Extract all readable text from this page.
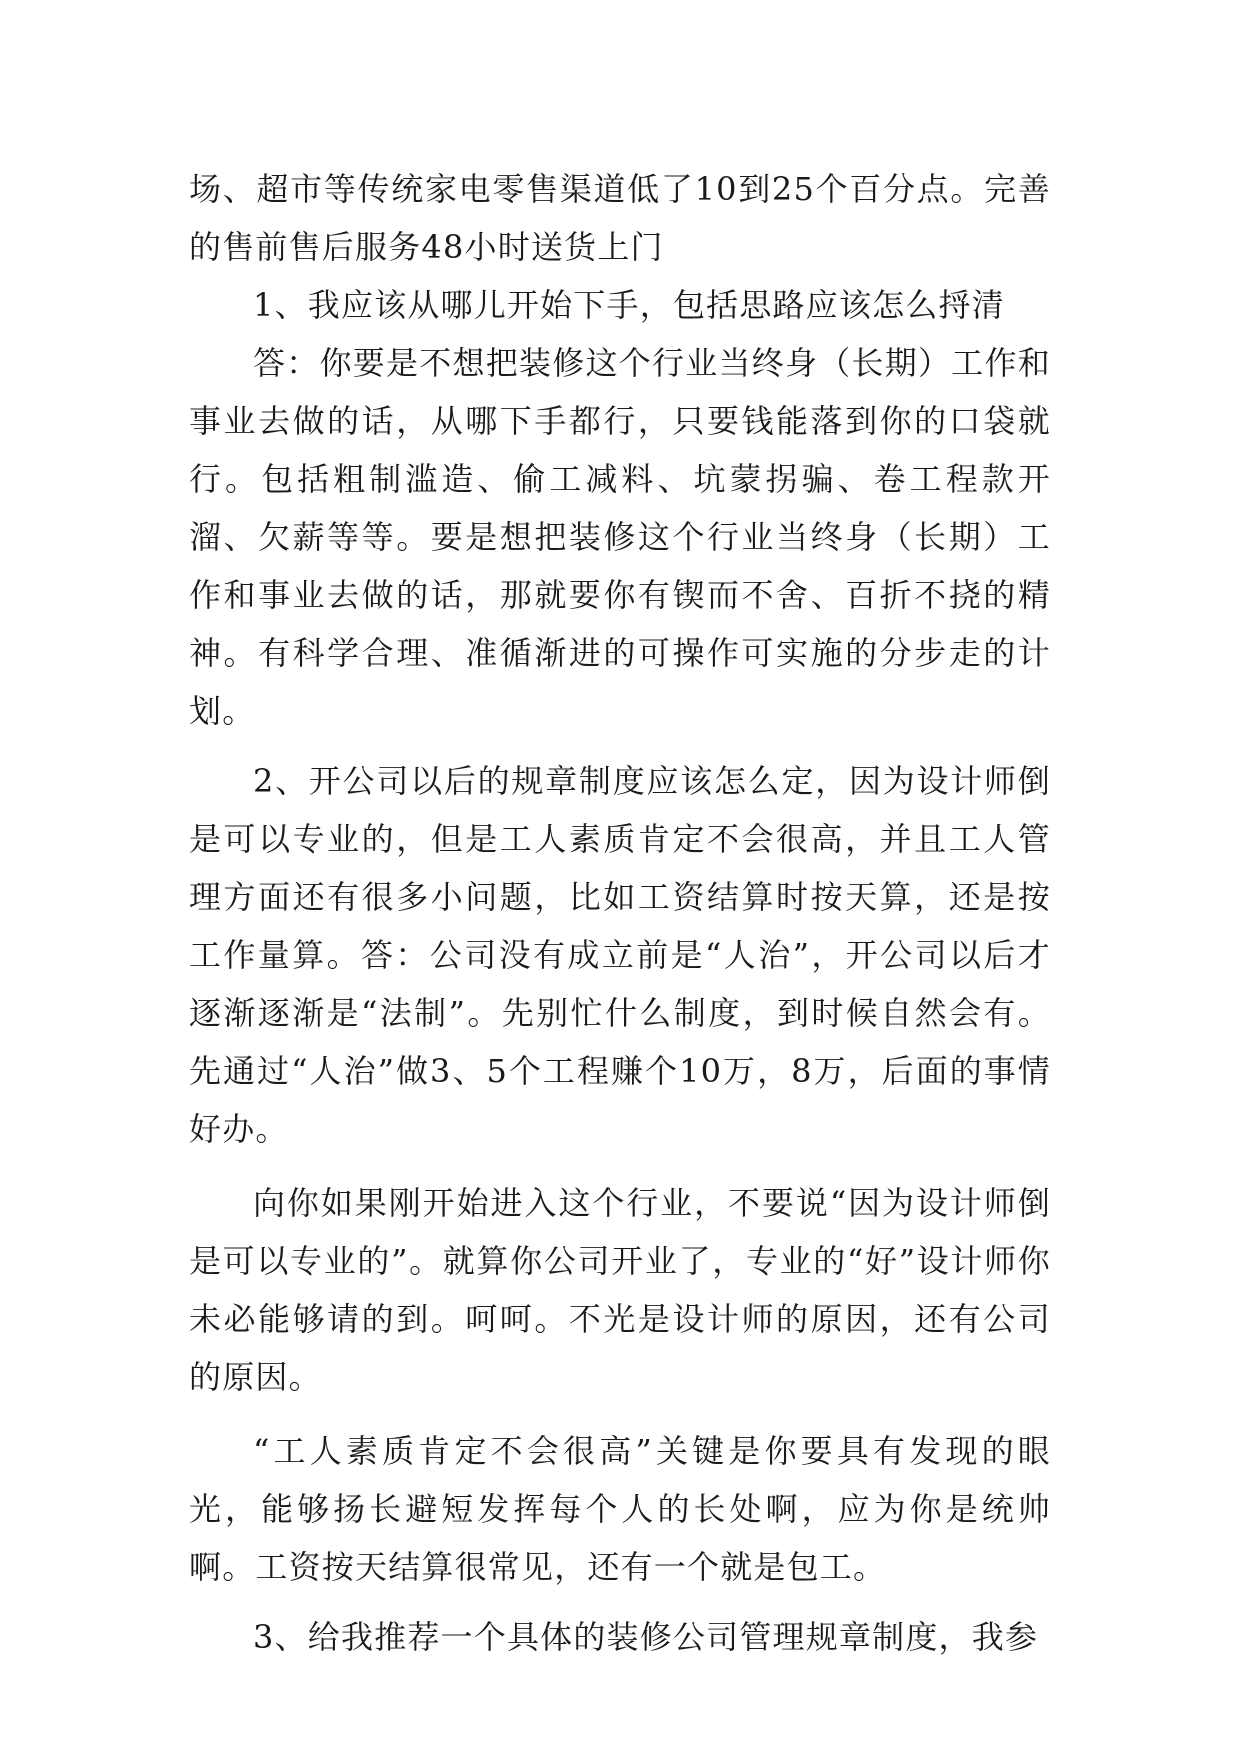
场、超市等传统家电零售渠道低了10到25个百分点。完善的售前售后服务48小时送货上门

1、我应该从哪儿开始下手，包括思路应该怎么捋清

答：你要是不想把装修这个行业当终身（长期）工作和事业去做的话，从哪下手都行，只要钱能落到你的口袋就行。包括粗制滥造、偷工减料、坑蒙拐骗、卷工程款开溜、欠薪等等。要是想把装修这个行业当终身（长期）工作和事业去做的话，那就要你有锲而不舍、百折不挠的精神。有科学合理、准循渐进的可操作可实施的分步走的计划。

2、开公司以后的规章制度应该怎么定，因为设计师倒是可以专业的，但是工人素质肯定不会很高，并且工人管理方面还有很多小问题，比如工资结算时按天算，还是按工作量算。答：公司没有成立前是“人治”，开公司以后才逐渐逐渐是“法制”。先别忙什么制度，到时候自然会有。先通过“人治”做3、5个工程赚个10万，8万，后面的事情好办。

向你如果刚开始进入这个行业，不要说“因为设计师倒是可以专业的”。就算你公司开业了，专业的“好”设计师你未必能够请的到。呵呵。不光是设计师的原因，还有公司的原因。

“工人素质肯定不会很高”关键是你要具有发现的眼光，能够扬长避短发挥每个人的长处啊，应为你是统帅啊。工资按天结算很常见，还有一个就是包工。

3、给我推荐一个具体的装修公司管理规章制度，我参
